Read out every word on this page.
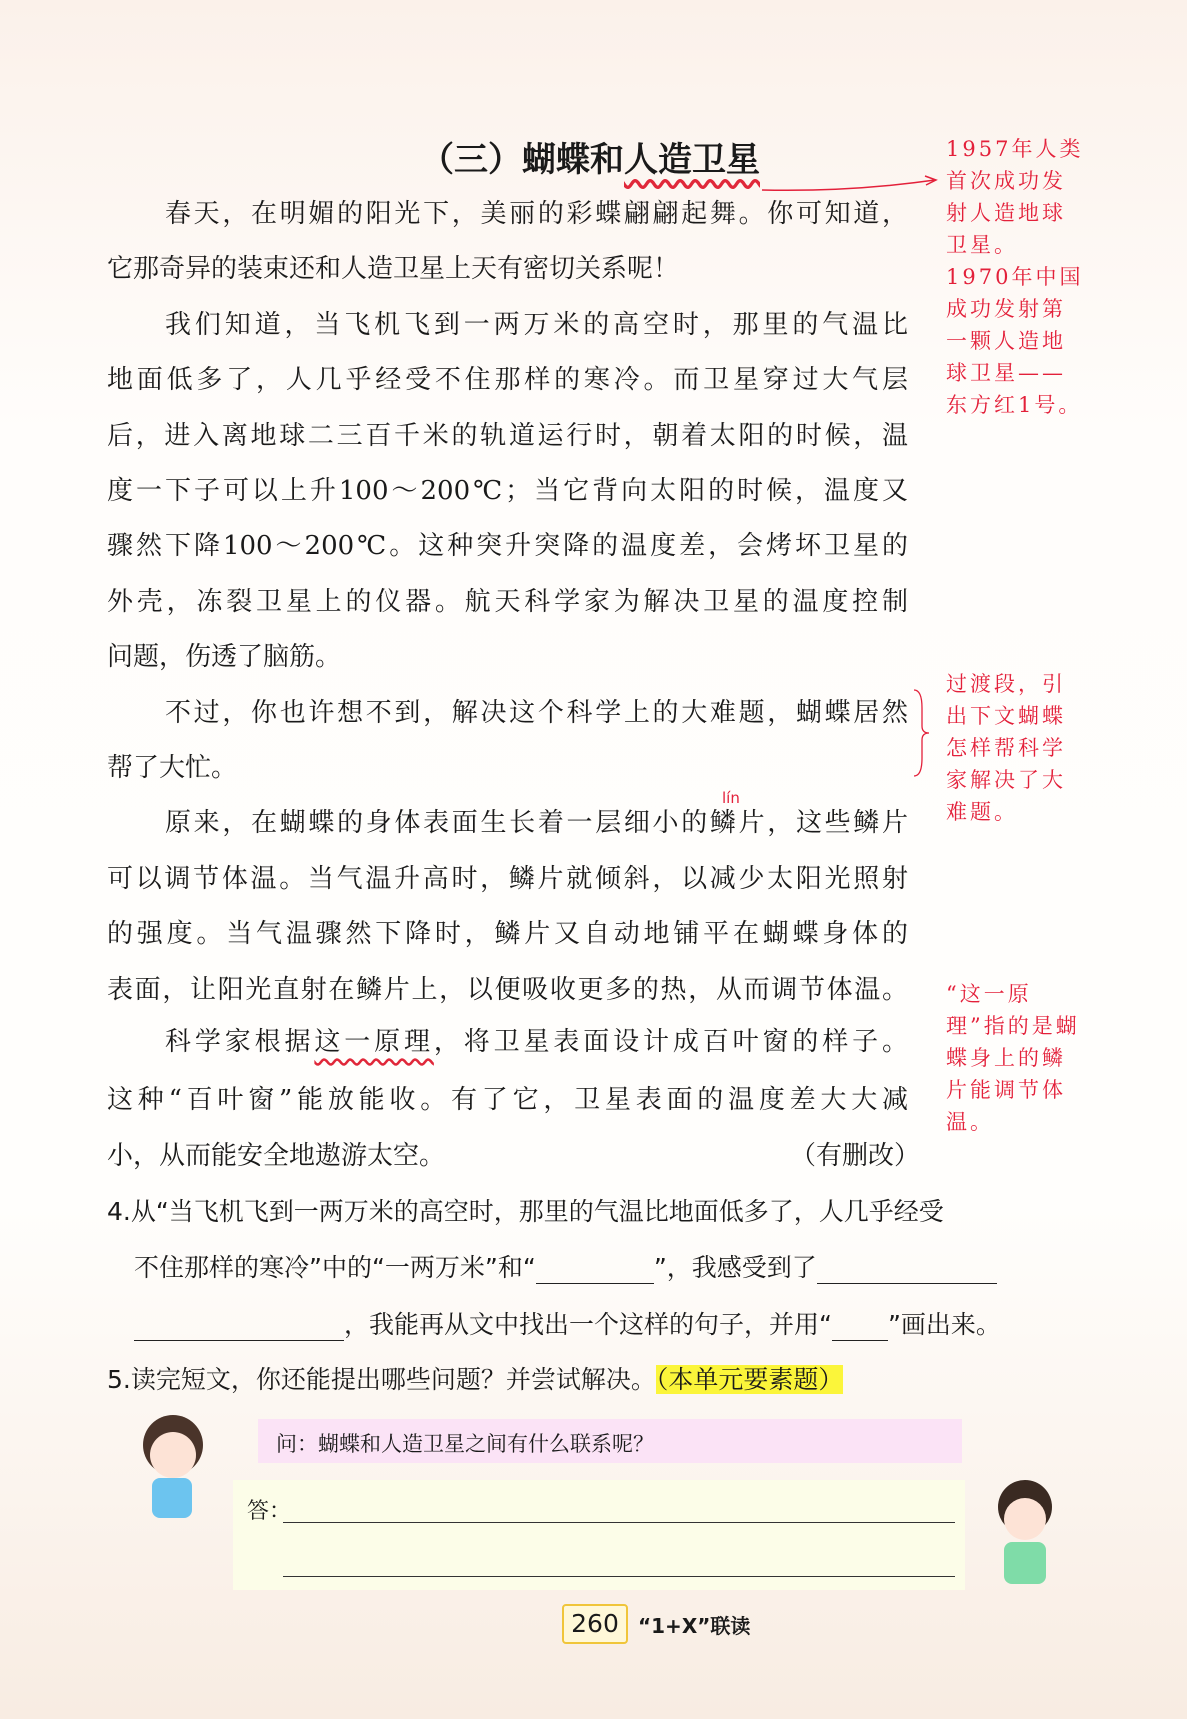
（三）蝴蝶和人造卫星
春天，在明媚的阳光下，美丽的彩蝶翩翩起舞。你可知道，
它那奇异的装束还和人造卫星上天有密切关系呢！
我们知道，当飞机飞到一两万米的高空时，那里的气温比
地面低多了，人几乎经受不住那样的寒冷。而卫星穿过大气层
后，进入离地球二三百千米的轨道运行时，朝着太阳的时候，温
度一下子可以上升100～200℃；当它背向太阳的时候，温度又
骤然下降100～200℃。这种突升突降的温度差，会烤坏卫星的
外壳，冻裂卫星上的仪器。航天科学家为解决卫星的温度控制
问题，伤透了脑筋。
不过，你也许想不到，解决这个科学上的大难题，蝴蝶居然
帮了大忙。
原来，在蝴蝶的身体表面生长着一层细小的鳞片，这些鳞片
可以调节体温。当气温升高时，鳞片就倾斜，以减少太阳光照射
的强度。当气温骤然下降时，鳞片又自动地铺平在蝴蝶身体的
表面，让阳光直射在鳞片上，以便吸收更多的热，从而调节体温。
这种“百叶窗”能放能收。有了它，卫星表面的温度差大大减
小，从而能安全地遨游太空。
科学家根据这一原理，将卫星表面设计成百叶窗的样子。
（有删改）
lín
1957年人类首次成功发射人造地球卫星。
1970年中国成功发射第一颗人造地球卫星——东方红1号。
过渡段，引出下文蝴蝶怎样帮科学家解决了大难题。
“这一原理”指的是蝴蝶身上的鳞片能调节体温。
4.从“当飞机飞到一两万米的高空时，那里的气温比地面低多了，人几乎经受
不住那样的寒冷”中的“一两万米”和“	”，我感受到了
，我能再从文中找出一个这样的句子，并用“ ”画出来。
5.读完短文，你还能提出哪些问题？并尝试解决。（本单元要素题）
问：蝴蝶和人造卫星之间有什么联系呢？
答：
260 “1+X”联读
